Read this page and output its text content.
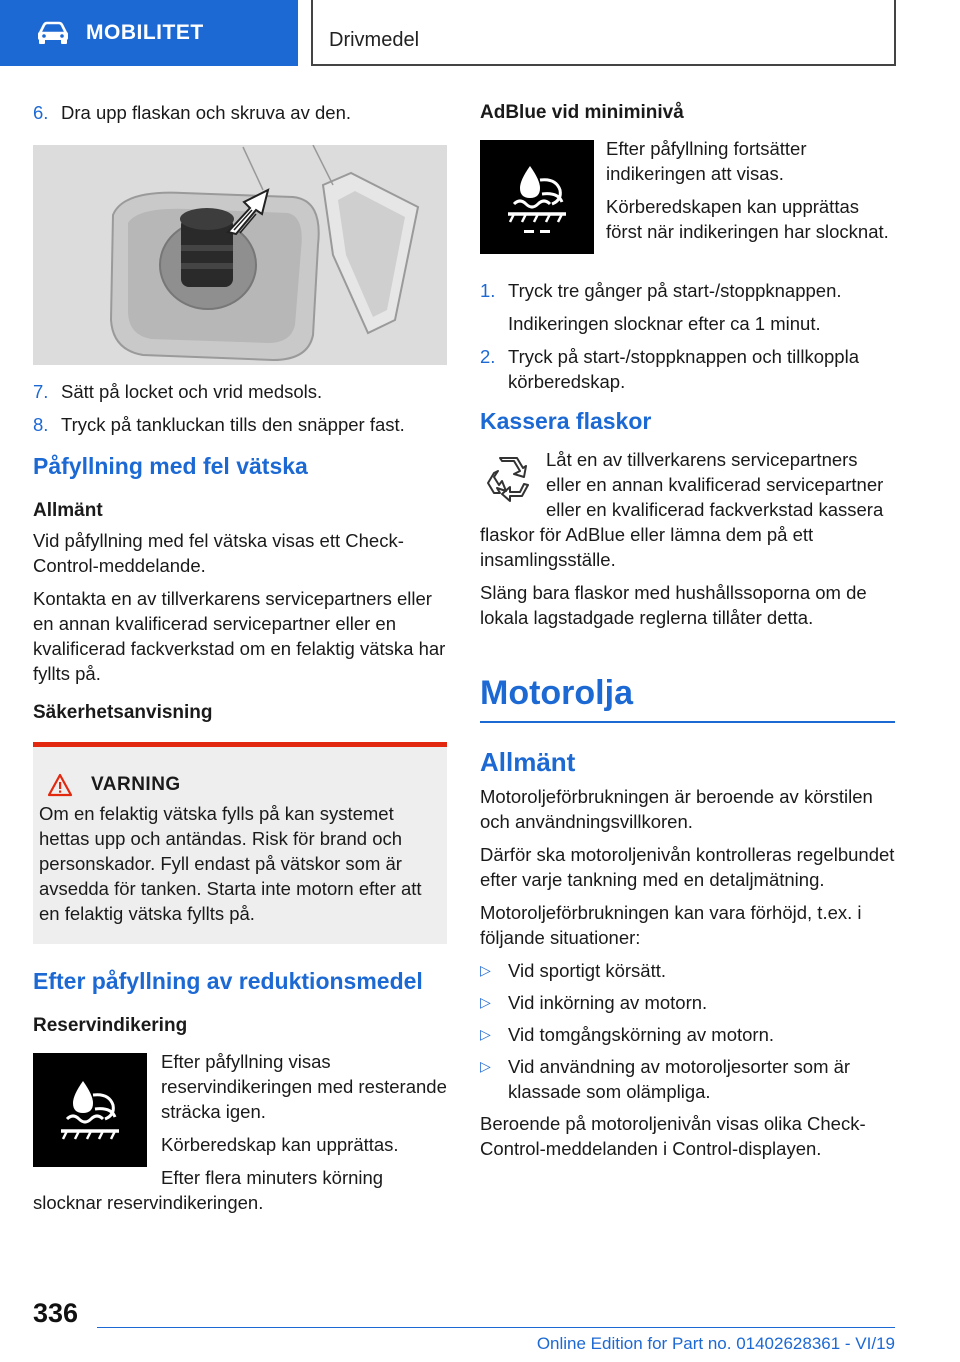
MOBILITET	Drivmedel
6. Dra upp flaskan och skruva av den.
7. Sätt på locket och vrid medsols.
8. Tryck på tankluckan tills den snäpper fast.
Påfyllning med fel vätska
Allmänt

Vid påfyllning med fel vätska visas ett Check-Control-meddelande.

Kontakta en av tillverkarens servicepartners eller en annan kvalificerad servicepartner eller en kvalificerad fackverkstad om en felaktig vätska har fyllts på.

Säkerhetsanvisning
VARNING

Om en felaktig vätska fylls på kan systemet hettas upp och antändas. Risk för brand och personskador. Fyll endast på vätskor som är avsedda för tanken. Starta inte motorn efter att en felaktig vätska fyllts på.

Efter påfyllning av reduktionsmedel
Reservindikering

Efter påfyllning visas reservindikeringen med resterande sträcka igen.

Körberedskap kan upprättas.

Efter flera minuters körning slocknar reservindikeringen.

AdBlue vid miniminivå

Efter påfyllning fortsätter indikeringen att visas.

Körberedskapen kan upprättas först när indikeringen har slocknat.

1. Tryck tre gånger på start-/stoppknappen.
Indikeringen slocknar efter ca 1 minut.
2. Tryck på start-/stoppknappen och tillkoppla körberedskap.
Kassera flaskor

Låt en av tillverkarens servicepartners eller en annan kvalificerad servicepartner eller en kvalificerad fackverkstad kassera flaskor för AdBlue eller lämna dem på ett insamlingsställe.

Släng bara flaskor med hushållssoporna om de lokala lagstadgade reglerna tillåter detta.

Motorolja
Allmänt

Motoroljeförbrukningen är beroende av körstilen och användningsvillkoren.

Därför ska motoroljenivån kontrolleras regelbundet efter varje tankning med en detaljmätning.

Motoroljeförbrukningen kan vara förhöjd, t.ex. i följande situationer:

▷ Vid sportigt körsätt.
▷ Vid inkörning av motorn.
▷ Vid tomgångskörning av motorn.
▷ Vid användning av motoroljesorter som är klassade som olämpliga.

Beroende på motoroljenivån visas olika Check-Control-meddelanden i Control-displayen.

336
Online Edition for Part no. 01402628361 - VI/19
